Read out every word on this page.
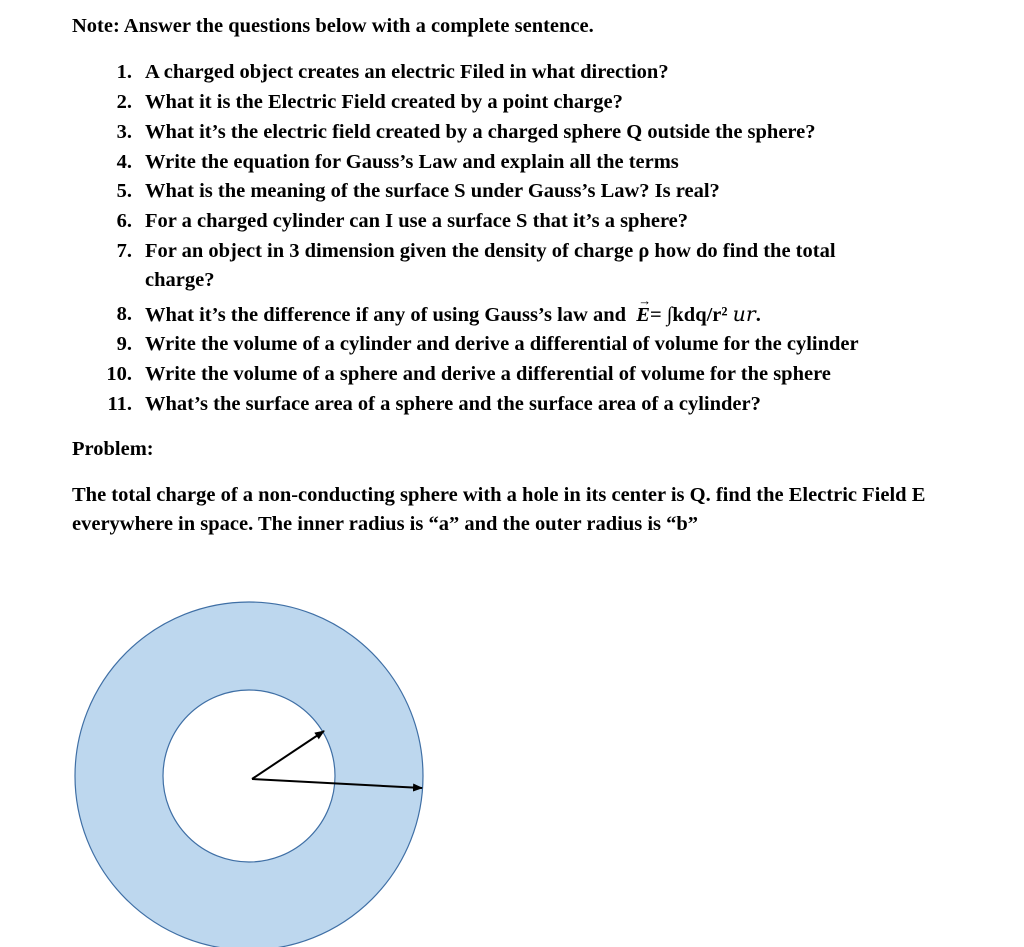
Note: Answer the questions below with a complete sentence.
1. A charged object creates an electric Filed in what direction?
2. What it is the Electric Field created by a point charge?
3. What it’s the electric field created by a charged sphere Q outside the sphere?
4. Write the equation for Gauss’s Law and explain all the terms
5. What is the meaning of the surface S under Gauss’s Law? Is real?
6. For a charged cylinder can I use a surface S that it’s a sphere?
7. For an object in 3 dimension given the density of charge ρ how do find the total
charge?
8. What it’s the difference if any of using Gauss’s law and  → E= ∫kdq/r² ur.
9. Write the volume of a cylinder and derive a differential of volume for the cylinder
10. Write the volume of a sphere and derive a differential of volume for the sphere
11. What’s the surface area of a sphere and the surface area of a cylinder?
Problem:
The total charge of a non-conducting sphere with a hole in its center is Q. find the Electric Field E everywhere in space. The inner radius is “a” and the outer radius is “b”
